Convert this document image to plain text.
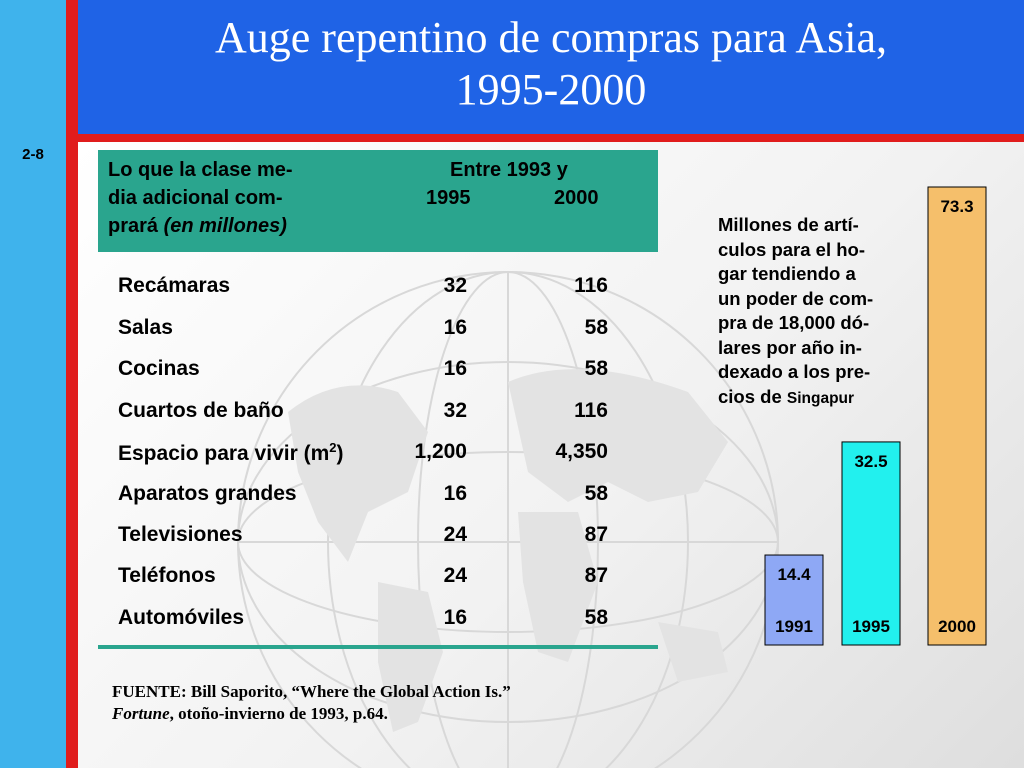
2-8
Auge repentino de compras para Asia,
1995-2000
Lo que la clase me-
dia adicional com-
prará (en millones)
Entre 1993 y
1995	2000
Recámaras	32	116
Salas	16	58
Cocinas	16	58
Cuartos de baño	32	116
Espacio para vivir $(m^2)$	1,200	4,350
Aparatos grandes	16	58
Televisiones	24	87
Teléfonos	24	87
Automóviles	16	58
FUENTE: Bill Saporito, “Where the Global Action Is.”
Fortune, otoño-invierno de 1993, p.64.
Millones de artí-
culos para el ho-
gar tendiendo a
un poder de com-
pra de 18,000 dó-
lares por año in-
dexado a los pre-
cios de Singapur
14.4
1991
32.5
1995
73.3
2000
